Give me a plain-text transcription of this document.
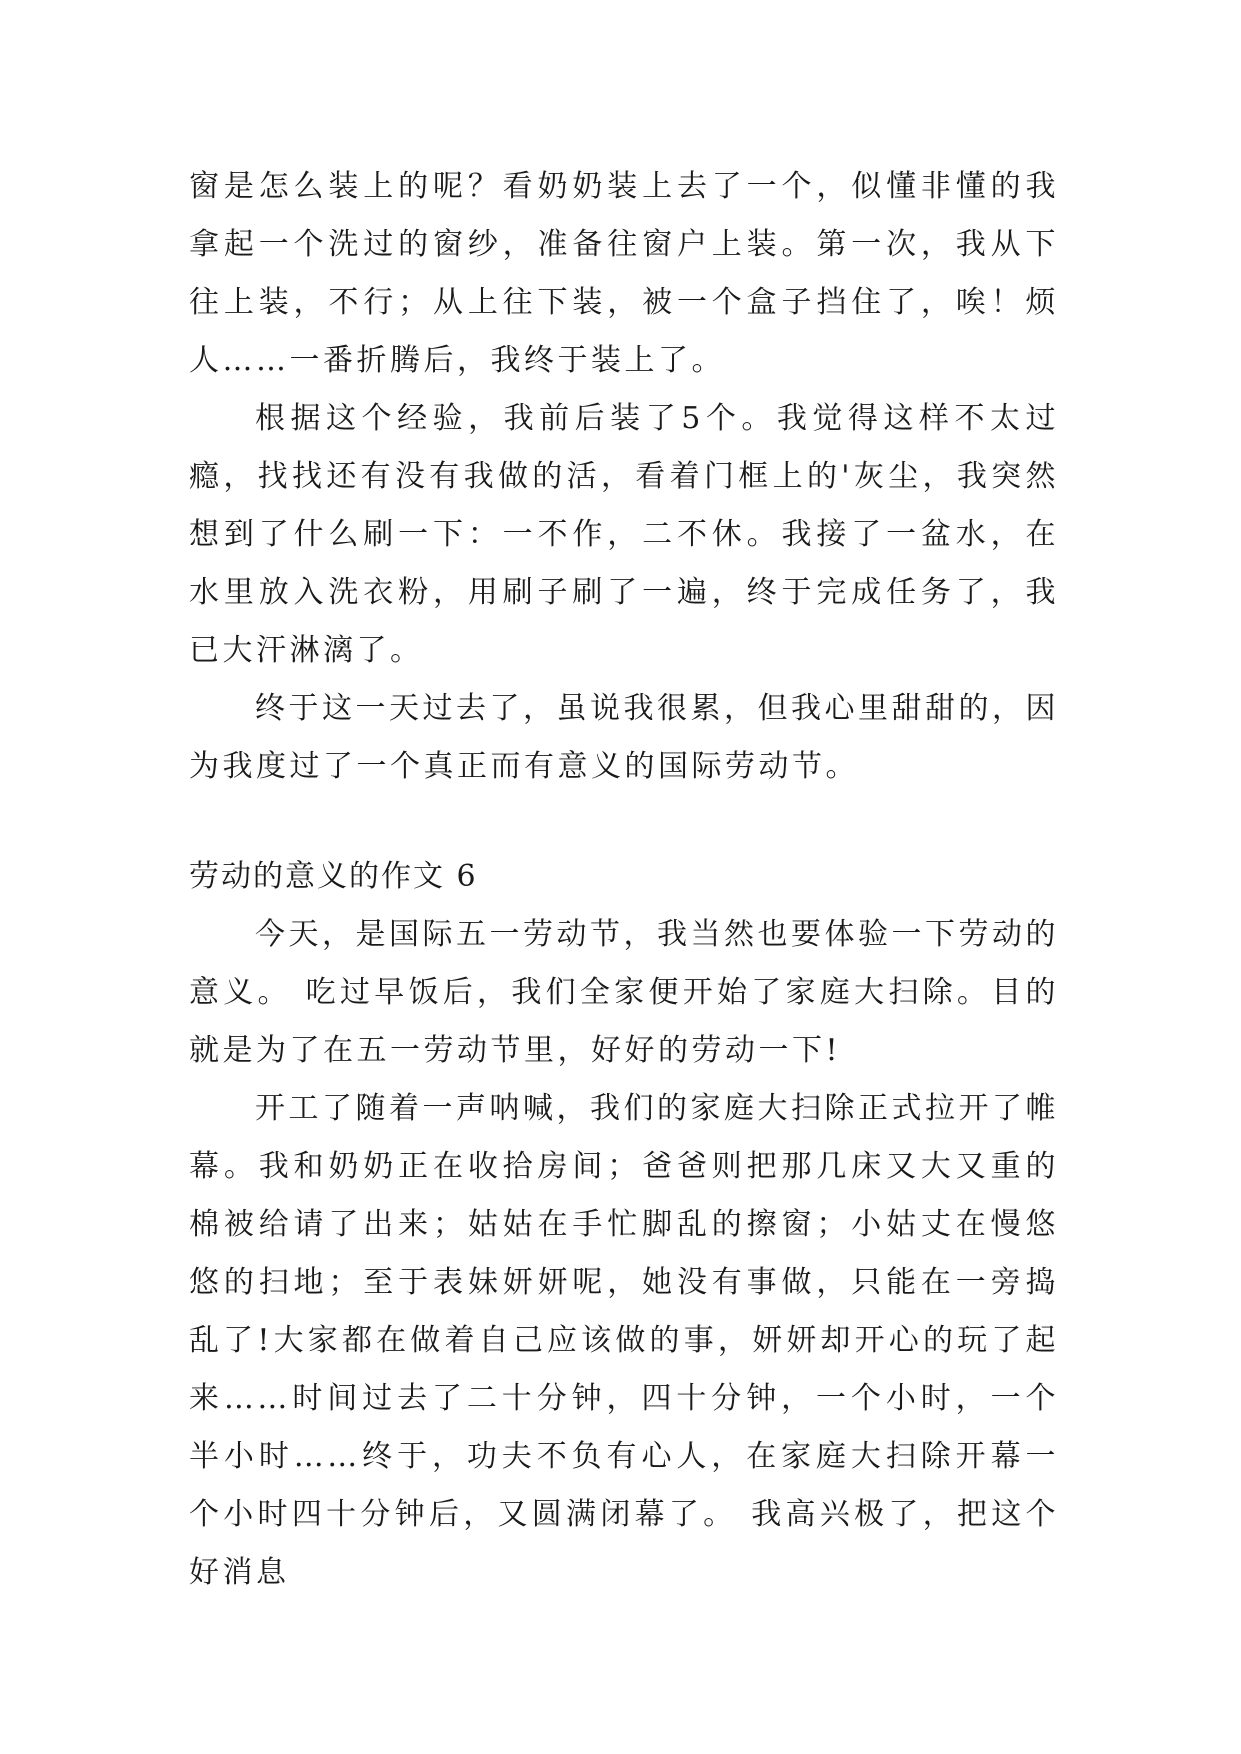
窗是怎么装上的呢？看奶奶装上去了一个，似懂非懂的我拿起一个洗过的窗纱，准备往窗户上装。第一次，我从下往上装，不行；从上往下装，被一个盒子挡住了，唉！烦人……一番折腾后，我终于装上了。

根据这个经验，我前后装了5个。我觉得这样不太过瘾，找找还有没有我做的活，看着门框上的'灰尘，我突然想到了什么刷一下：一不作，二不休。我接了一盆水，在水里放入洗衣粉，用刷子刷了一遍，终于完成任务了，我已大汗淋漓了。

终于这一天过去了，虽说我很累，但我心里甜甜的，因为我度过了一个真正而有意义的国际劳动节。

劳动的意义的作文 6

今天，是国际五一劳动节，我当然也要体验一下劳动的意义。 吃过早饭后，我们全家便开始了家庭大扫除。目的就是为了在五一劳动节里，好好的劳动一下!

开工了随着一声呐喊，我们的家庭大扫除正式拉开了帷幕。我和奶奶正在收拾房间；爸爸则把那几床又大又重的棉被给请了出来；姑姑在手忙脚乱的擦窗；小姑丈在慢悠悠的扫地；至于表妹妍妍呢，她没有事做，只能在一旁捣乱了!大家都在做着自己应该做的事，妍妍却开心的玩了起来……时间过去了二十分钟，四十分钟，一个小时，一个半小时……终于，功夫不负有心人，在家庭大扫除开幕一个小时四十分钟后，又圆满闭幕了。 我高兴极了，把这个好消息
